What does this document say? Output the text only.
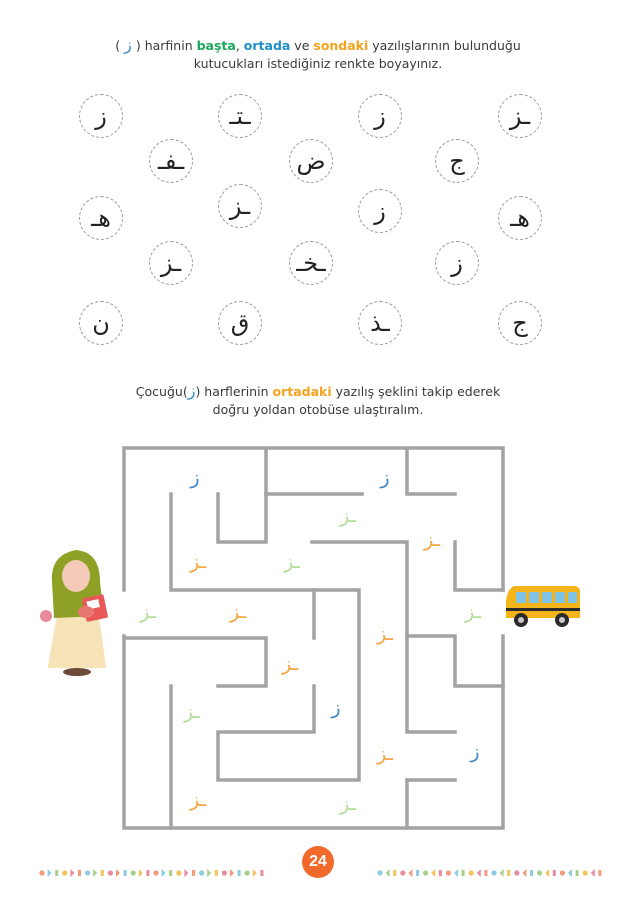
( ز ) harfinin başta, ortada ve sondaki yazılışlarının bulunduğu
kutucukları istediğiniz renkte boyayınız.
ز	ـتـ	ز	ـز
ـفـ	ض	ج
هـ	ـز	ز	هـ
ـز	ـخـ	ز
ن	ق	ـذ	ج
Çocuğu(ز) harflerinin ortadaki yazılış şeklini takip ederek
doğru yoldan otobüse ulaştıralım.
ز	ز
ـز
ـز
ـز	ـز
ـز	ـز	ـز
ـز
ـز
ـز	ز
ـز	ز
ـز	ـز
24
